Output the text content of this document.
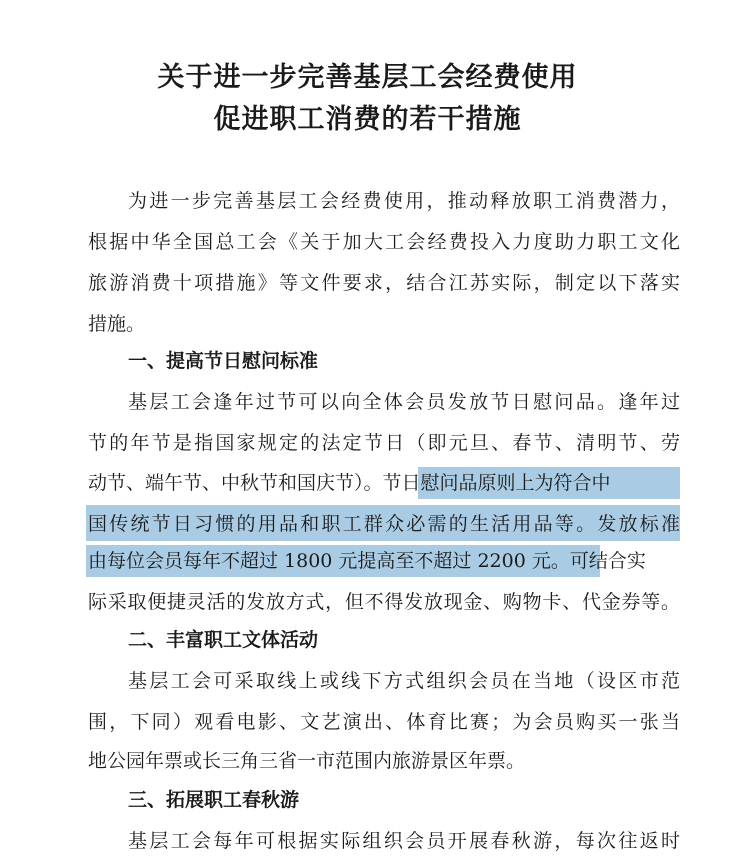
关于进一步完善基层工会经费使用
促进职工消费的若干措施
为进一步完善基层工会经费使用，推动释放职工消费潜力，
根据中华全国总工会《关于加大工会经费投入力度助力职工文化
旅游消费十项措施》等文件要求，结合江苏实际，制定以下落实
措施。
一、提高节日慰问标准
基层工会逢年过节可以向全体会员发放节日慰问品。逢年过
节的年节是指国家规定的法定节日（即元旦、春节、清明节、劳
动节、端午节、中秋节和国庆节）。节日慰问品原则上为符合中
国传统节日习惯的用品和职工群众必需的生活用品等。发放标准
由每位会员每年不超过 1800 元提高至不超过 2200 元。可结合实
际采取便捷灵活的发放方式，但不得发放现金、购物卡、代金券等。
二、丰富职工文体活动
基层工会可采取线上或线下方式组织会员在当地（设区市范
围，下同）观看电影、文艺演出、体育比赛；为会员购买一张当
地公园年票或长三角三省一市范围内旅游景区年票。
三、拓展职工春秋游
基层工会每年可根据实际组织会员开展春秋游，每次往返时
